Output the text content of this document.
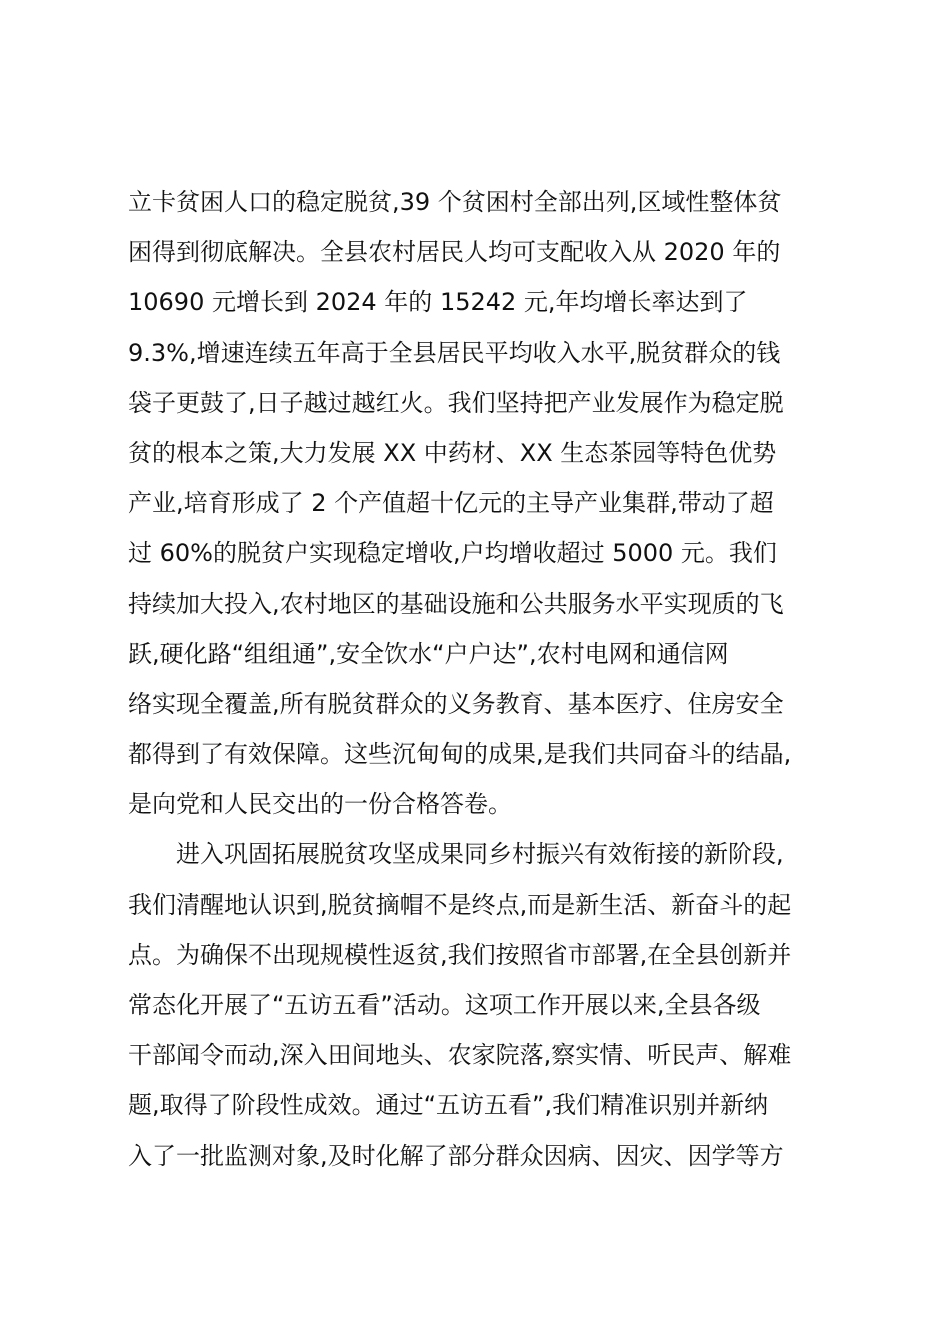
立卡贫困人口的稳定脱贫,39 个贫困村全部出列,区域性整体贫
困得到彻底解决。全县农村居民人均可支配收入从 2020 年的
10690 元增长到 2024 年的 15242 元,年均增长率达到了
9.3%,增速连续五年高于全县居民平均收入水平,脱贫群众的钱
袋子更鼓了,日子越过越红火。我们坚持把产业发展作为稳定脱
贫的根本之策,大力发展 XX 中药材、XX 生态茶园等特色优势
产业,培育形成了 2 个产值超十亿元的主导产业集群,带动了超
过 60%的脱贫户实现稳定增收,户均增收超过 5000 元。我们
持续加大投入,农村地区的基础设施和公共服务水平实现质的飞
跃,硬化路“组组通”,安全饮水“户户达”,农村电网和通信网
络实现全覆盖,所有脱贫群众的义务教育、基本医疗、住房安全
都得到了有效保障。这些沉甸甸的成果,是我们共同奋斗的结晶,
是向党和人民交出的一份合格答卷。
进入巩固拓展脱贫攻坚成果同乡村振兴有效衔接的新阶段,
我们清醒地认识到,脱贫摘帽不是终点,而是新生活、新奋斗的起
点。为确保不出现规模性返贫,我们按照省市部署,在全县创新并
常态化开展了“五访五看”活动。这项工作开展以来,全县各级
干部闻令而动,深入田间地头、农家院落,察实情、听民声、解难
题,取得了阶段性成效。通过“五访五看”,我们精准识别并新纳
入了一批监测对象,及时化解了部分群众因病、因灾、因学等方
